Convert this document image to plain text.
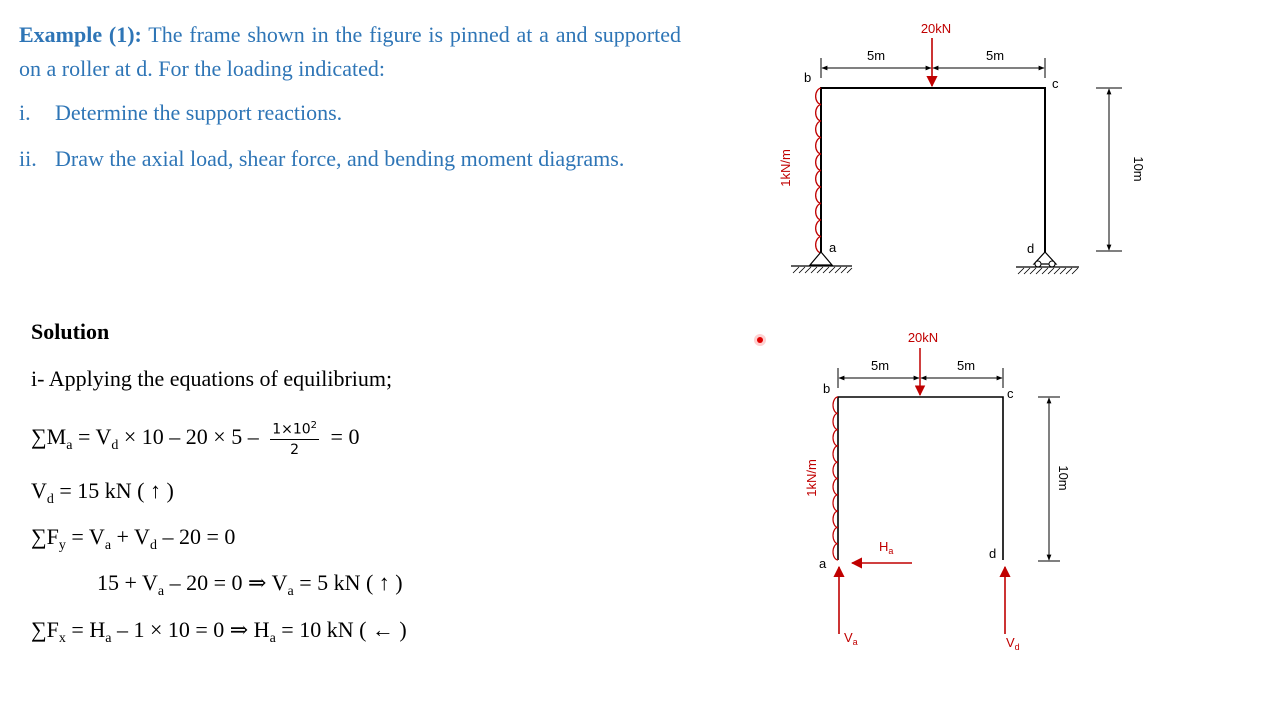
Example (1): The frame shown in the figure is pinned at a and supported on a roller at d. For the loading indicated:
i. Determine the support reactions.
ii. Draw the axial load, shear force, and bending moment diagrams.
Solution
i- Applying the equations of equilibrium;
$\sum M_a = V_d \times 10 - 20 \times 5 - \frac{1\times 10^2}{2} = 0$
$V_d = 15$ kN ( ↑ )
$\sum F_y = V_a + V_d - 20 = 0$
$15 + V_a - 20 = 0$ ⇒ $V_a = 5$ kN ( ↑ )
$\sum F_x = H_a - 1 \times 10 = 0$ ⇒ $H_a = 10$ kN ( ← )
1kN/m
20kN
5m	5m
10m
b	c
a	d
1kN/m
20kN
5m	5m
10m
b	c
a
d
$H_a$
$V_a$	$V_d$
